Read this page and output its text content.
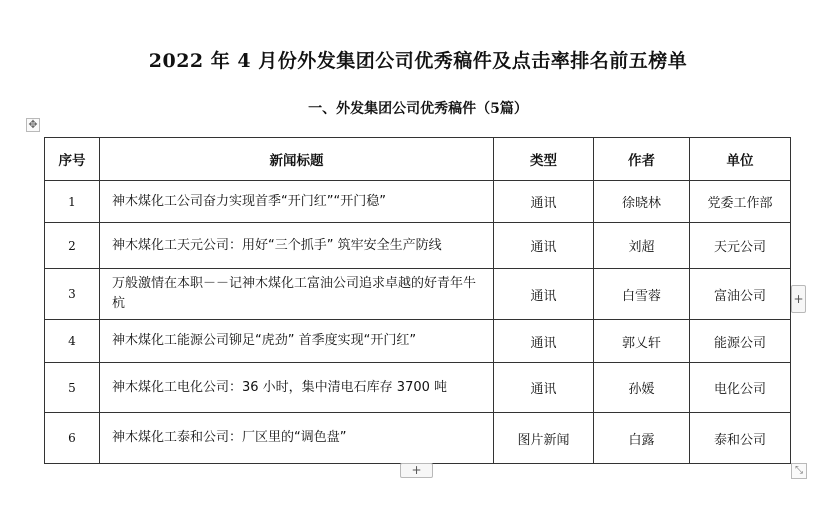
2022 年 4 月份外发集团公司优秀稿件及点击率排名前五榜单
一、外发集团公司优秀稿件（5篇）
✥
序号	新闻标题	类型	作者	单位
1	神木煤化工公司奋力实现首季“开门红”“开门稳”	通讯	徐晓林	党委工作部
2	神木煤化工天元公司：用好“三个抓手” 筑牢安全生产防线	通讯	刘超	天元公司
3	万般激情在本职－－记神木煤化工富油公司追求卓越的好青年牛杭	通讯	白雪蓉	富油公司
4	神木煤化工能源公司铆足“虎劲” 首季度实现“开门红”	通讯	郭乂轩	能源公司
5	神木煤化工电化公司：36 小时，集中清电石库存 3700 吨	通讯	孙媛	电化公司
6	神木煤化工泰和公司：厂区里的“调色盘”	图片新闻	白露	泰和公司
+
+	⤡
